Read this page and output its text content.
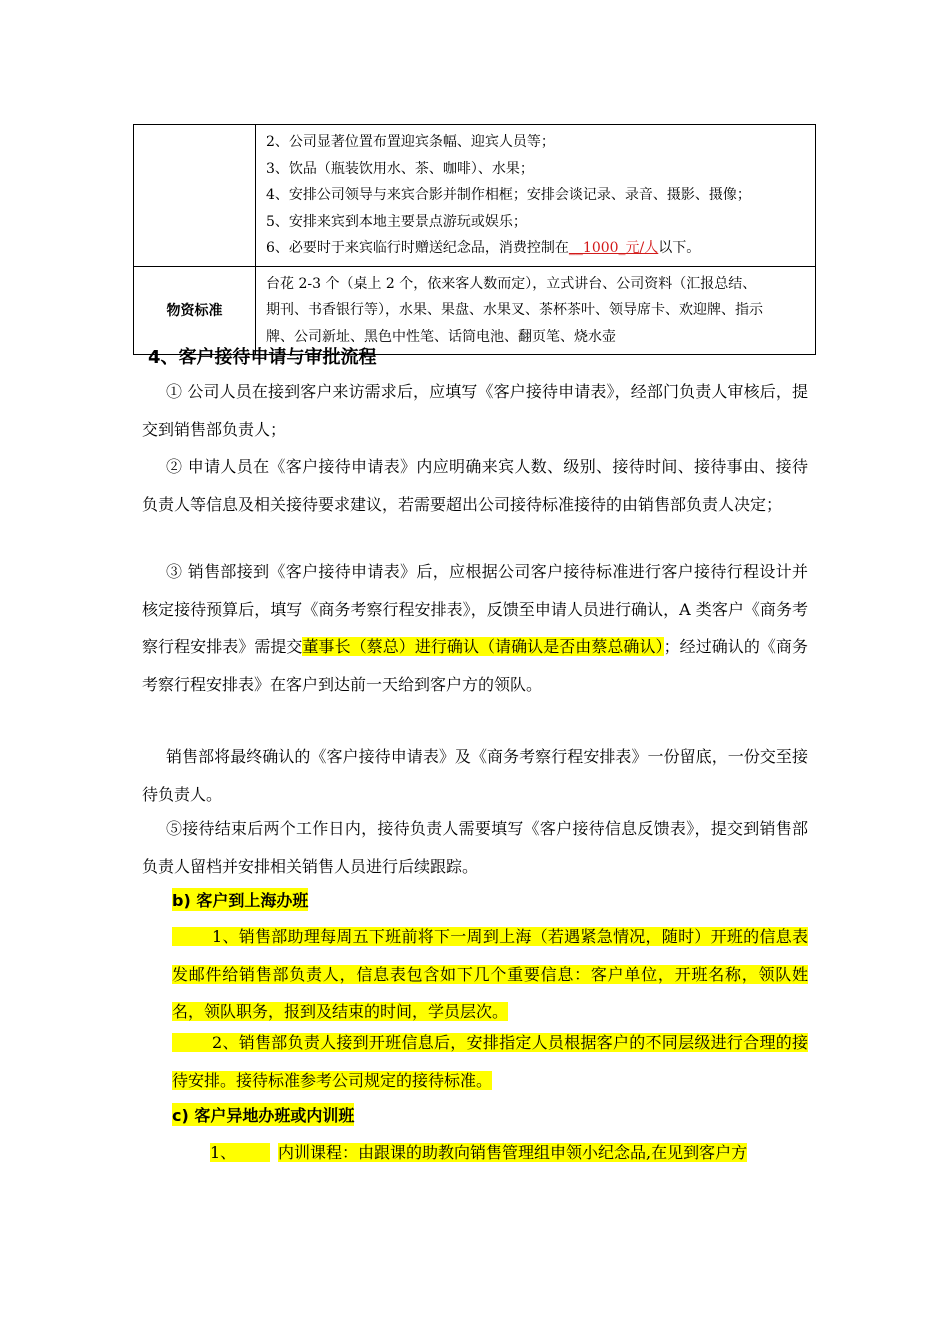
2、公司显著位置布置迎宾条幅、迎宾人员等；
3、饮品（瓶装饮用水、茶、咖啡）、水果；
4、安排公司领导与来宾合影并制作相框；安排会谈记录、录音、摄影、摄像；
5、安排来宾到本地主要景点游玩或娱乐；
6、必要时于来宾临行时赠送纪念品，消费控制在__1000_元/人以下。
物资标准
台花 2-3 个（桌上 2 个，依来客人数而定），立式讲台、公司资料（汇报总结、
期刊、书香银行等），水果、果盘、水果叉、茶杯茶叶、领导席卡、欢迎牌、指示
牌、公司新址、黑色中性笔、话筒电池、翻页笔、烧水壶
4、客户接待申请与审批流程

① 公司人员在接到客户来访需求后，应填写《客户接待申请表》，经部门负责人审核后，提交到销售部负责人；

② 申请人员在《客户接待申请表》内应明确来宾人数、级别、接待时间、接待事由、接待负责人等信息及相关接待要求建议，若需要超出公司接待标准接待的由销售部负责人决定；

③ 销售部接到《客户接待申请表》后，应根据公司客户接待标准进行客户接待行程设计并核定接待预算后，填写《商务考察行程安排表》，反馈至申请人员进行确认，A 类客户《商务考察行程安排表》需提交董事长（蔡总）进行确认（请确认是否由蔡总确认）；经过确认的《商务考察行程安排表》在客户到达前一天给到客户方的领队。

销售部将最终确认的《客户接待申请表》及《商务考察行程安排表》一份留底，一份交至接待负责人。

⑤接待结束后两个工作日内，接待负责人需要填写《客户接待信息反馈表》，提交到销售部负责人留档并安排相关销售人员进行后续跟踪。

b) 客户到上海办班

1、销售部助理每周五下班前将下一周到上海（若遇紧急情况，随时）开班的信息表发邮件给销售部负责人，信息表包含如下几个重要信息：客户单位，开班名称，领队姓名，领队职务，报到及结束的时间，学员层次。

2、销售部负责人接到开班信息后，安排指定人员根据客户的不同层级进行合理的接待安排。接待标准参考公司规定的接待标准。

c) 客户异地办班或内训班
1、	内训课程：由跟课的助教向销售管理组申领小纪念品,在见到客户方
